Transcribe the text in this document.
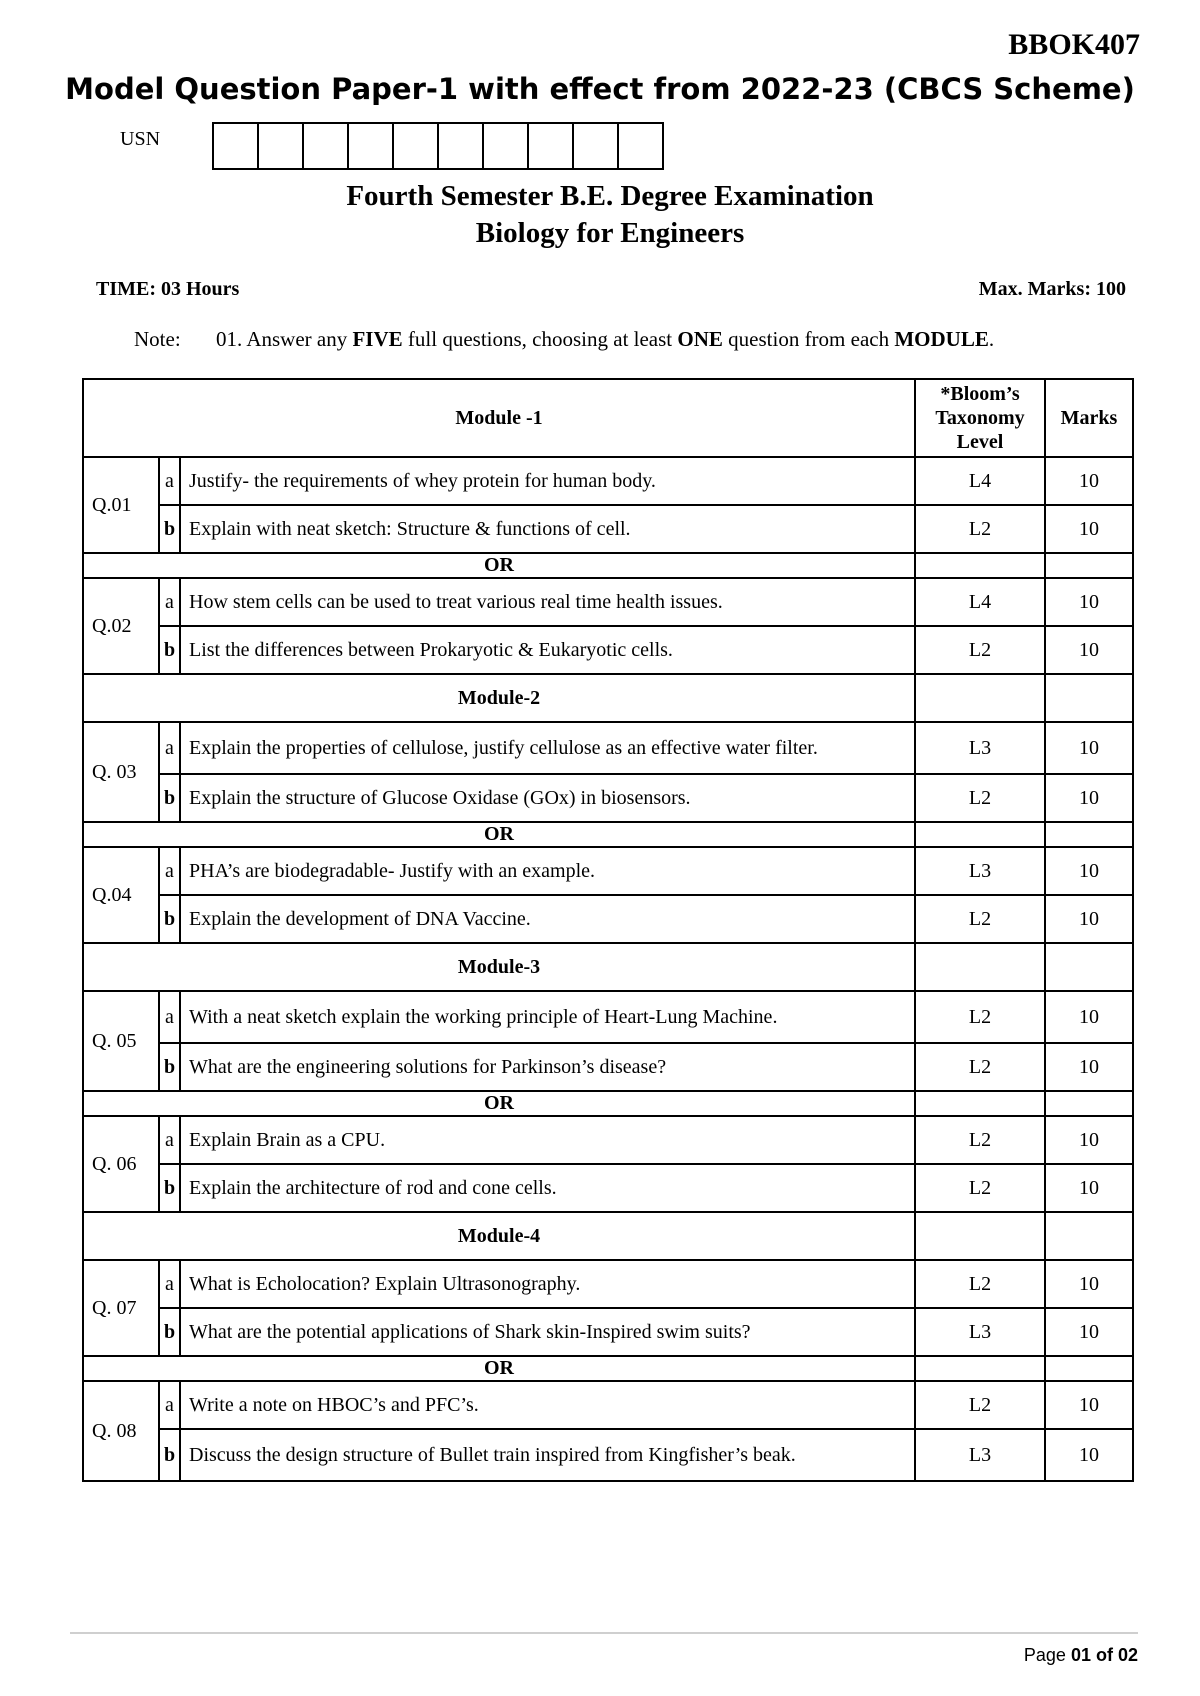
BBOK407
Model Question Paper-1 with effect from 2022-23 (CBCS Scheme)
USN
Fourth Semester B.E. Degree Examination
Biology for Engineers
TIME: 03 Hours	Max. Marks: 100
Note:	01. Answer any FIVE full questions, choosing at least ONE question from each MODULE.
Module -1			*Bloom’s Taxonomy Level	Marks
Q.01	a	Justify- the requirements of whey protein for human body.	L4	10
	b	Explain with neat sketch: Structure & functions of cell.	L2	10
OR				
Q.02	a	How stem cells can be used to treat various real time health issues.	L4	10
	b	List the differences between Prokaryotic & Eukaryotic cells.	L2	10
Module-2				
Q. 03	a	Explain the properties of cellulose, justify cellulose as an effective water filter.	L3	10
	b	Explain the structure of Glucose Oxidase (GOx) in biosensors.	L2	10
OR				
Q.04	a	PHA’s are biodegradable- Justify with an example.	L3	10
	b	Explain the development of DNA Vaccine.	L2	10
Module-3				
Q. 05	a	With a neat sketch explain the working principle of Heart-Lung Machine.	L2	10
	b	What are the engineering solutions for Parkinson’s disease?	L2	10
OR				
Q. 06	a	Explain Brain as a CPU.	L2	10
	b	Explain the architecture of rod and cone cells.	L2	10
Module-4				
Q. 07	a	What is Echolocation? Explain Ultrasonography.	L2	10
	b	What are the potential applications of Shark skin-Inspired swim suits?	L3	10
OR				
Q. 08	a	Write a note on HBOC’s and PFC’s.	L2	10
	b	Discuss the design structure of Bullet train inspired from Kingfisher’s beak.	L3	10
Page 01 of 02
